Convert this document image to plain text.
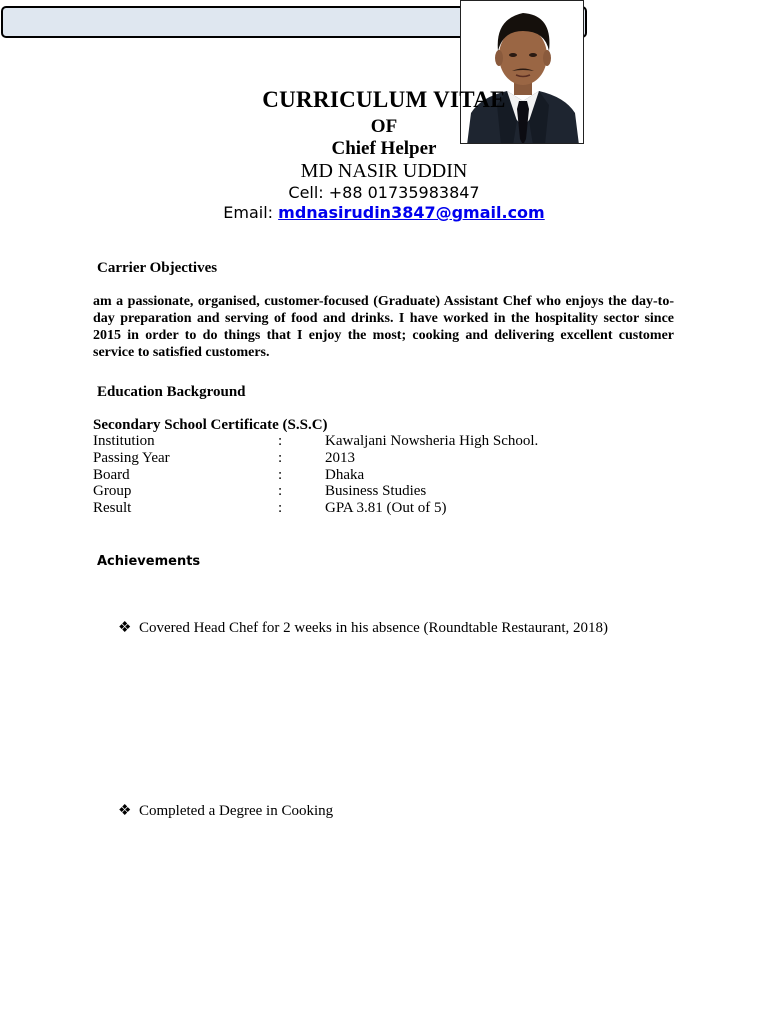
CURRICULUM VITAE
OF
Chief Helper
MD NASIR UDDIN
Cell: +88 01735983847
Email: mdnasirudin3847@gmail.com
Carrier Objectives
am a passionate, organised, customer-focused (Graduate) Assistant Chef who enjoys the day-to-day preparation and serving of food and drinks. I have worked in the hospitality sector since 2015 in order to do things that I enjoy the most; cooking and delivering excellent customer service to satisfied customers.
Education Background
Secondary School Certificate (S.S.C)
Institution	:	Kawaljani Nowsheria High School.
Passing Year	:	2013
Board	:	Dhaka
Group	:	Business Studies
Result	:	GPA 3.81 (Out of 5)
Achievements
❖ Covered Head Chef for 2 weeks in his absence (Roundtable Restaurant, 2018)
❖ Completed a Degree in Cooking
